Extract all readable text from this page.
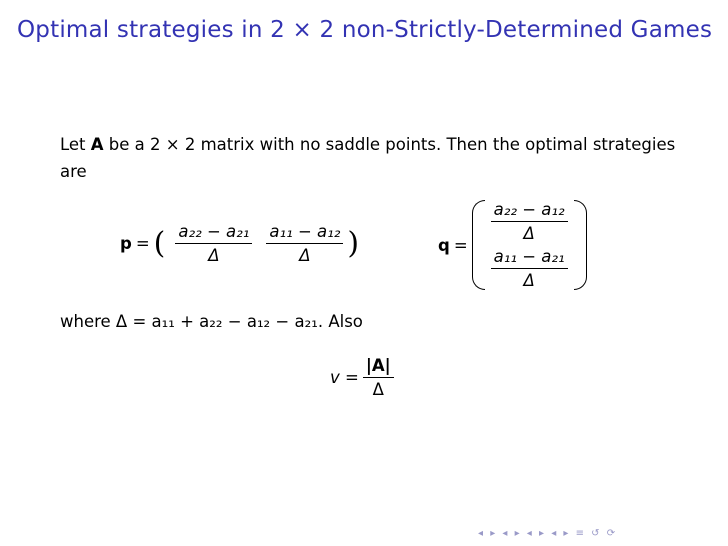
Optimal strategies in 2 × 2 non-Strictly-Determined Games
Let A be a 2 × 2 matrix with no saddle points. Then the optimal strategies are
p = ( $\frac{\text{a₂₂ − a₂₁}}{\Delta} \frac{\text{a₁₁ − a₁₂}}{\Delta}$ )	q =
$\frac{\text{a₂₂ − a₁₂}}{\Delta}$
$\frac{\text{a₁₁ − a₂₁}}{\Delta}$
where Δ = a₁₁ + a₂₂ − a₁₂ − a₂₁. Also
$v = \frac{|A|}{\Delta}$
◂ ▸ ◂ ▸ ◂ ▸ ◂ ▸ ≡ ↺ ⟳
